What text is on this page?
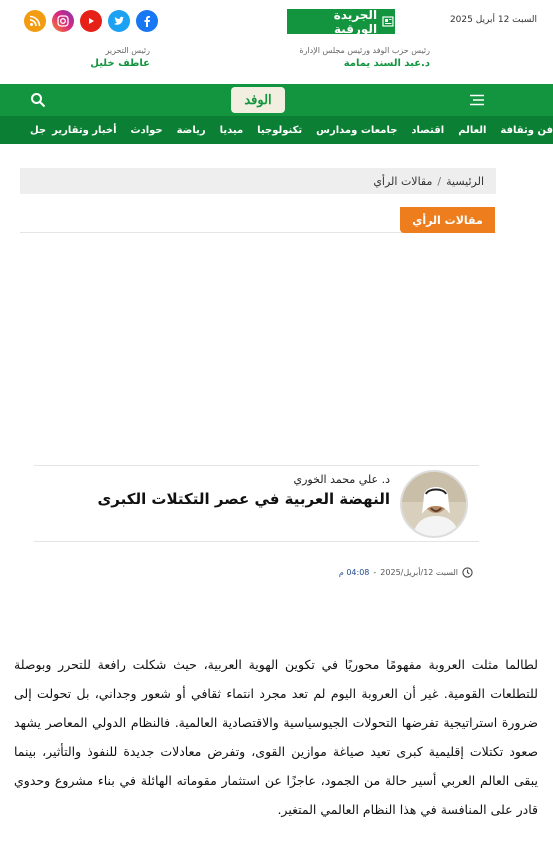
الجريدة الورقية
السبت 12 أبريل 2025
رئيس التحرير
عاطف خليل
رئيس حزب الوفد ورئيس مجلس الإدارة
د.عبد السند يمامة
الوفد
جل أخبار وتقارير حوادث رياضة ميديا تكنولوجيا جامعات ومدارس اقتصاد العالم فن وثقافة
الرئيسية
/
مقالات الرأي
مقالات الرأي
د. علي محمد الخوري
النهضة العربية في عصر التكتلات الكبرى
السبت 12/أبريل/2025
-
04:08 م
لطالما مثلت العروبة مفهومًا محوريًا في تكوين الهوية العربية، حيث شكلت رافعة للتحرر وبوصلة للتطلعات القومية. غير أن العروبة اليوم لم تعد مجرد انتماء ثقافي أو شعور وجداني، بل تحولت إلى ضرورة استراتيجية تفرضها التحولات الجيوسياسية والاقتصادية العالمية. فالنظام الدولي المعاصر يشهد صعود تكتلات إقليمية كبرى تعيد صياغة موازين القوى، وتفرض معادلات جديدة للنفوذ والتأثير، بينما يبقى العالم العربي أسير حالة من الجمود، عاجزًا عن استثمار مقوماته الهائلة في بناء مشروع وحدوي قادر على المنافسة في هذا النظام العالمي المتغير.
